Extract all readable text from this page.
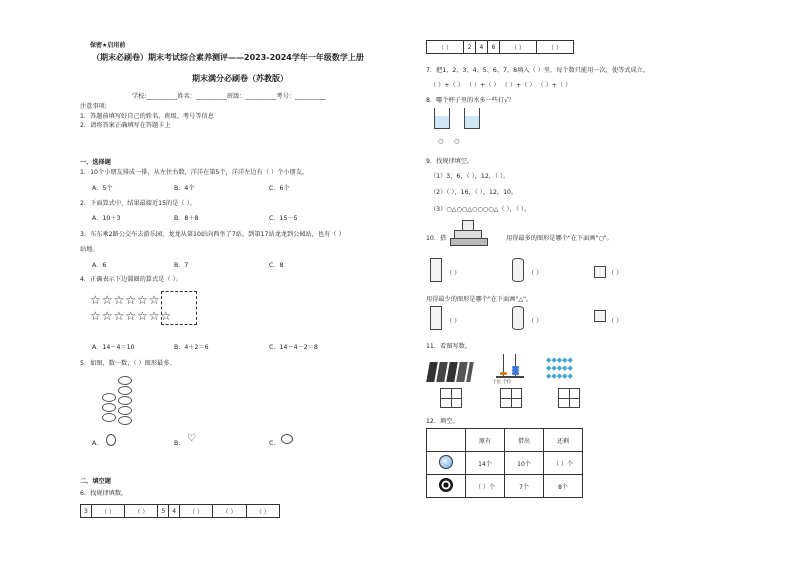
保密★启用前
（期末必刷卷）期末考试综合素养测评——2023-2024学年一年级数学上册
期末满分必刷卷（苏教版）
学校:__________姓名：__________班级：__________考号：__________
注意事项:
1．答题前填写好自己的姓名、班级、考号等信息
2．请将答案正确填写在答题卡上
一、选择题
1．10个小朋友排成一排，从左往右数，洋洋在第5个，洋洋左边有（ ）个小朋友。
A．5个	B．4个	C．6个
2．下面算式中，结果最接近15的是（ ）。
A．10＋3	B．8＋8	C．15－5
3．东东乘2路公交车去游乐园，龙龙从第10站向西坐了7站，到第17站龙龙到公园站，也有（ ）
站地。
A．6	B．7	C．8
4．正确表示下边圆圈的算式是（ ）。
☆☆☆☆☆☆
☆☆☆☆☆☆☆
A．14－4＝10	B．4＋2＝6	C．14－4－2＝8
5．如图，数一数，（ ）图形最多。
A．	B． ♡	C．
二、填空题
6．找规律填数。
3	（ ）	（ ）	5	4	（ ）	（ ）	（ ）
（ ）	2	4	6	（ ）	（ ）
7．把1、2、3、4、5、6、7、8填入（ ）里，每个数只能用一次，使等式成立。
（ ）+（ ） （ ）+（ ） （ ）+（ ） （ ）+（ ）
8．哪个杯子里的水多一些打√？
○ ○
9．找规律填空。
（1）3，6，（ ），12，（ ）。
（2）（ ），16，（ ），12，10。
（3）○△○○△○○○○△（ ），（ ）。
10．搭	用得最多的图形是哪个"在下面画"○"。
（ ）	（ ）	（ ）
用得最少的图形是哪个"在下面画"△"。
（ ）	（ ）	（ ）
11．看图写数。
十位 个位
◆◆◆◆◆
◆◆◆◆◆
◆◆◆◆◆
12．填空。
	原有	借出	还剩
	14个	10个	（ ）个
	（ ）个	7个	8个
